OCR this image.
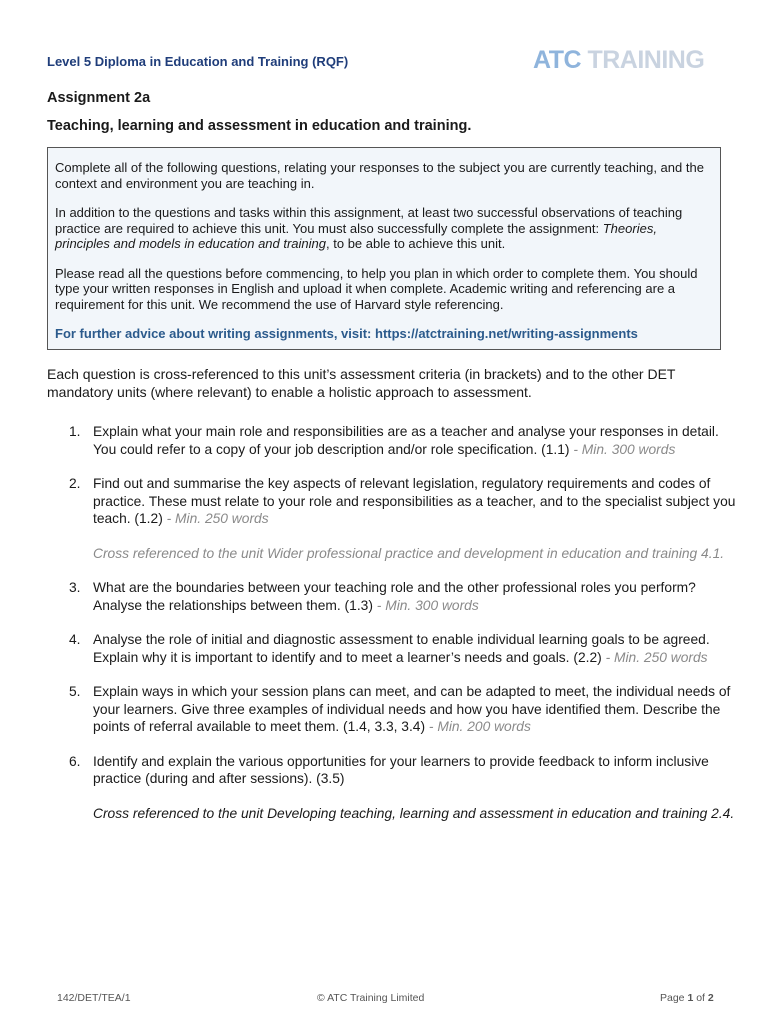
Level 5 Diploma in Education and Training (RQF)	ATC TRAINING
Assignment 2a
Teaching, learning and assessment in education and training.

Complete all of the following questions, relating your responses to the subject you are currently teaching, and the context and environment you are teaching in.

In addition to the questions and tasks within this assignment, at least two successful observations of teaching practice are required to achieve this unit. You must also successfully complete the assignment: Theories, principles and models in education and training, to be able to achieve this unit.

Please read all the questions before commencing, to help you plan in which order to complete them. You should type your written responses in English and upload it when complete. Academic writing and referencing are a requirement for this unit. We recommend the use of Harvard style referencing.

For further advice about writing assignments, visit: https://atctraining.net/writing-assignments

Each question is cross-referenced to this unit’s assessment criteria (in brackets) and to the other DET mandatory units (where relevant) to enable a holistic approach to assessment.
1. Explain what your main role and responsibilities are as a teacher and analyse your responses in detail. You could refer to a copy of your job description and/or role specification. (1.1) - Min. 300 words
2. Find out and summarise the key aspects of relevant legislation, regulatory requirements and codes of practice. These must relate to your role and responsibilities as a teacher, and to the specialist subject you teach. (1.2) - Min. 250 words
Cross referenced to the unit Wider professional practice and development in education and training 4.1.
3. What are the boundaries between your teaching role and the other professional roles you perform? Analyse the relationships between them. (1.3) - Min. 300 words
4. Analyse the role of initial and diagnostic assessment to enable individual learning goals to be agreed. Explain why it is important to identify and to meet a learner’s needs and goals. (2.2) - Min. 250 words
5. Explain ways in which your session plans can meet, and can be adapted to meet, the individual needs of your learners. Give three examples of individual needs and how you have identified them. Describe the points of referral available to meet them. (1.4, 3.3, 3.4) - Min. 200 words
6. Identify and explain the various opportunities for your learners to provide feedback to inform inclusive practice (during and after sessions). (3.5)
Cross referenced to the unit Developing teaching, learning and assessment in education and training 2.4.
142/DET/TEA/1	© ATC Training Limited	Page 1 of 2
